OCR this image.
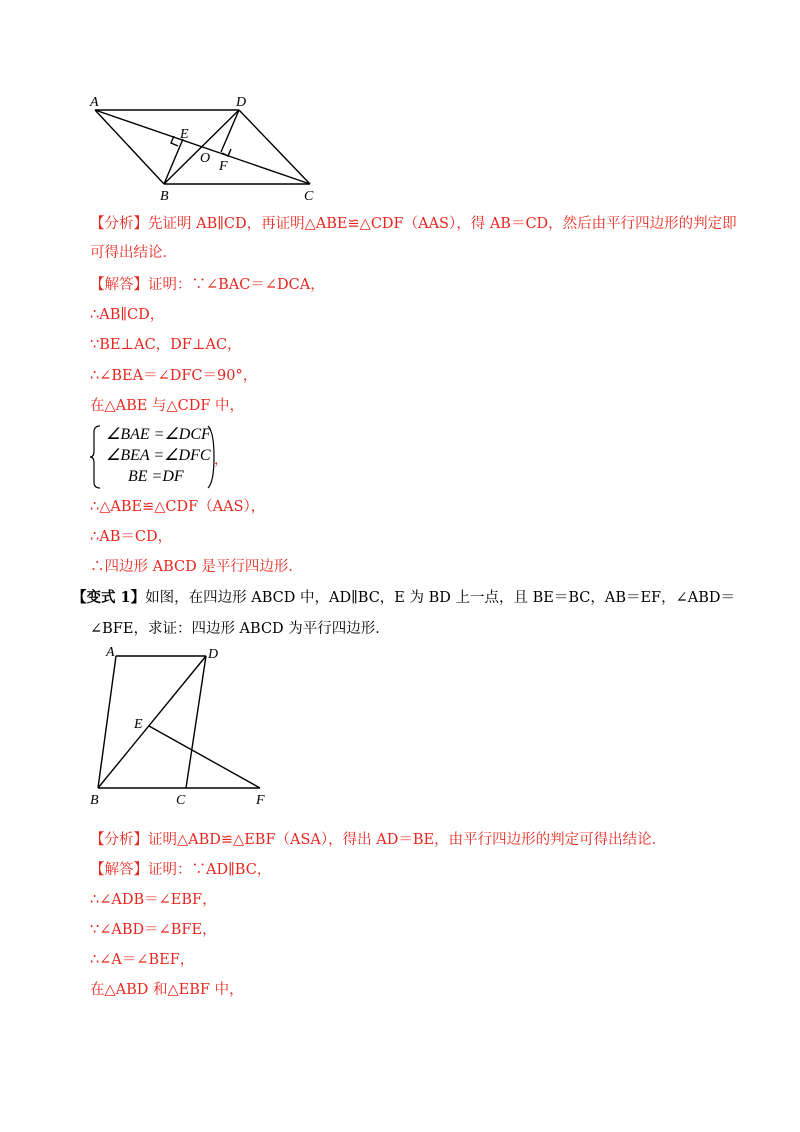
A	D
E
O
F
B	C
【分析】先证明 AB∥CD，再证明△ABE≌△CDF（AAS），得 AB＝CD，然后由平行四边形的判定即
可得出结论．
【解答】证明：∵∠BAC＝∠DCA，
∴AB∥CD，
∵BE⊥AC，DF⊥AC，
∴∠BEA＝∠DFC＝90°，
在△ABE 与△CDF 中，
∠BAE =∠DCF
∠BEA =∠DFC
BE =DF
，
∴△ABE≌△CDF（AAS），
∴AB＝CD，
∴四边形 ABCD 是平行四边形．
【变式 1】如图，在四边形 ABCD 中，AD∥BC，E 为 BD 上一点，且 BE＝BC，AB＝EF，∠ABD＝
∠BFE，求证：四边形 ABCD 为平行四边形．
A	D
E
B	C	F
【分析】证明△ABD≌△EBF（ASA），得出 AD＝BE，由平行四边形的判定可得出结论．
【解答】证明：∵AD∥BC，
∴∠ADB＝∠EBF，
∵∠ABD＝∠BFE，
∴∠A＝∠BEF，
在△ABD 和△EBF 中，
